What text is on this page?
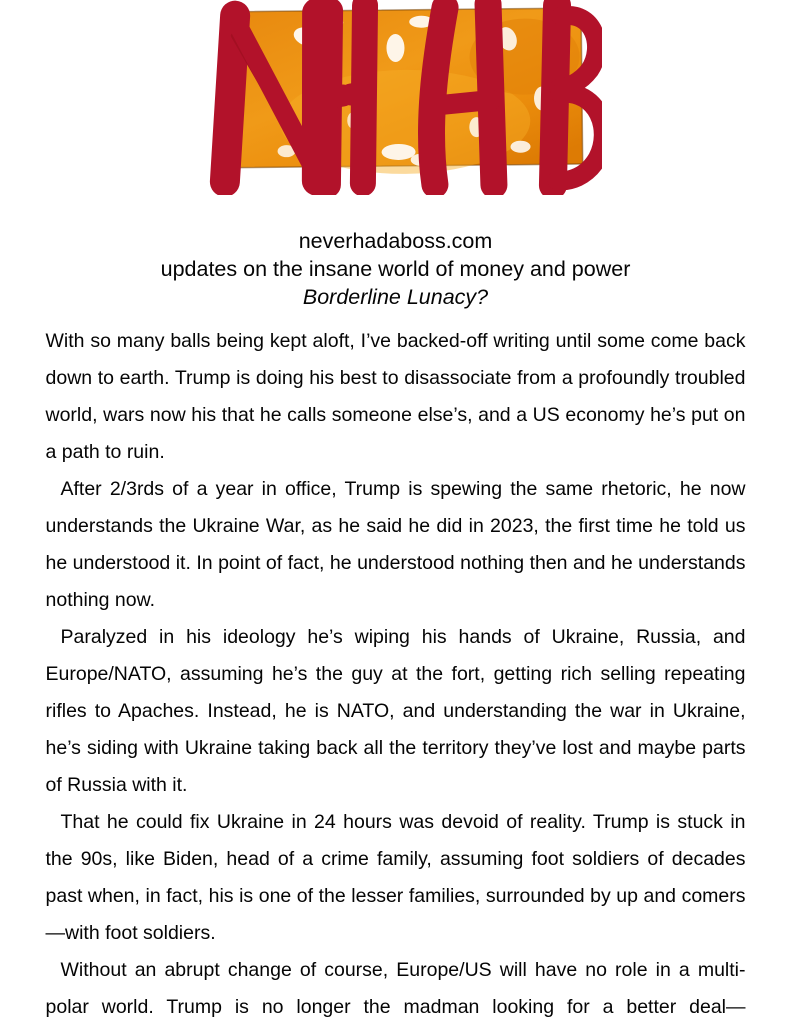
neverhadaboss.com
updates on the insane world of money and power
Borderline Lunacy?

With so many balls being kept aloft, I’ve backed-off writing until some come back down to earth. Trump is doing his best to disassociate from a profoundly troubled world, wars now his that he calls someone else’s, and a US economy he’s put on a path to ruin.

After 2/3rds of a year in office, Trump is spewing the same rhetoric, he now understands the Ukraine War, as he said he did in 2023, the first time he told us he understood it. In point of fact, he understood nothing then and he understands nothing now.

Paralyzed in his ideology he’s wiping his hands of Ukraine, Russia, and Europe/NATO, assuming he’s the guy at the fort, getting rich selling repeating rifles to Apaches. Instead, he is NATO, and understanding the war in Ukraine, he’s siding with Ukraine taking back all the territory they’ve lost and maybe parts of Russia with it.

That he could fix Ukraine in 24 hours was devoid of reality. Trump is stuck in the 90s, like Biden, head of a crime family, assuming foot soldiers of decades past when, in fact, his is one of the lesser families, surrounded by up and comers—with foot soldiers.

Without an abrupt change of course, Europe/US will have no role in a multi-polar world. Trump is no longer the madman looking for a better deal—
